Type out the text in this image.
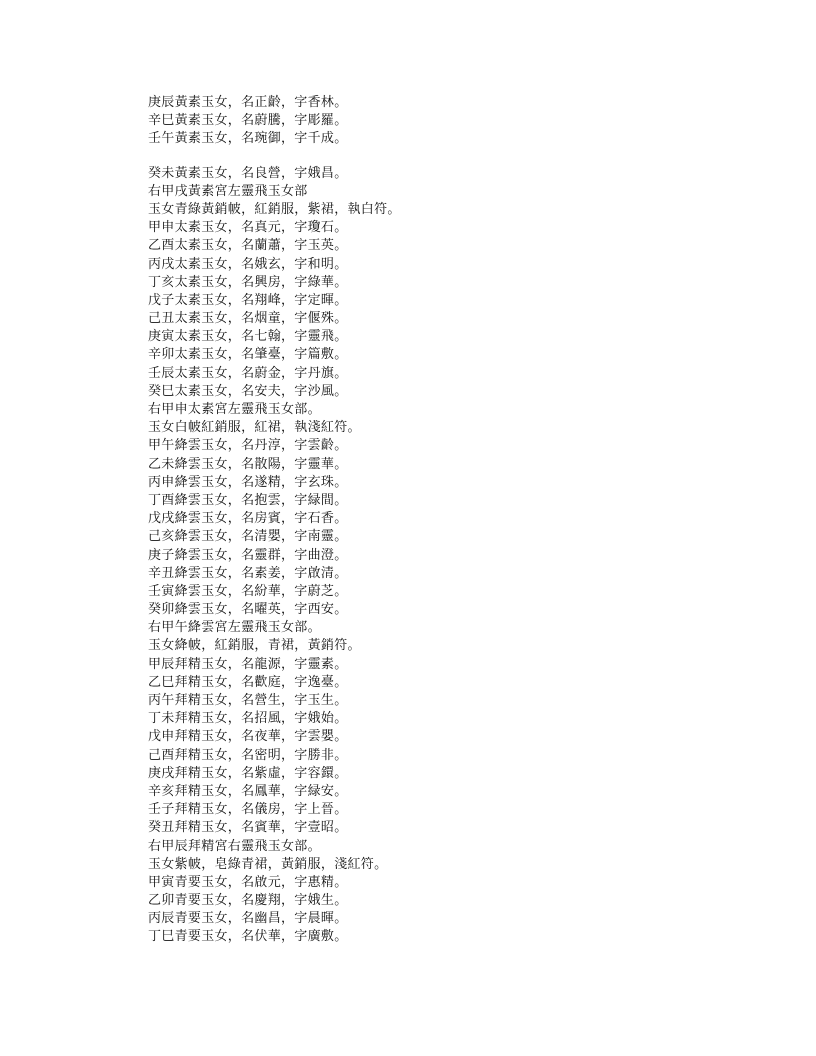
庚辰黃素玉女，名正齡，字香林。
辛巳黃素玉女，名蔚騰，字彫羅。
壬午黃素玉女，名琬御，字千成。
癸未黃素玉女，名良營，字娥昌。
右甲戌黃素宮左靈飛玉女部
玉女青綠黃銷帔，紅銷服，紫裙，執白符。
甲申太素玉女，名真元，字瓊石。
乙酉太素玉女，名蘭蕭，字玉英。
丙戌太素玉女，名娥玄，字和明。
丁亥太素玉女，名興房，字綠華。
戊子太素玉女，名翔峰，字定暉。
己丑太素玉女，名烟童，字偃殊。
庚寅太素玉女，名七翰，字靈飛。
辛卯太素玉女，名肇臺，字篇敷。
壬辰太素玉女，名蔚金，字丹旗。
癸巳太素玉女，名安夫，字沙風。
右甲申太素宮左靈飛玉女部。
玉女白帔紅銷服，紅裙，執淺紅符。
甲午絳雲玉女，名丹淳，字雲齡。
乙未絳雲玉女，名散陽，字靈華。
丙申絳雲玉女，名遂精，字玄珠。
丁酉絳雲玉女，名抱雲，字緑間。
戊戌絳雲玉女，名房賓，字石香。
己亥絳雲玉女，名清嬰，字南靈。
庚子絳雲玉女，名靈群，字曲澄。
辛丑絳雲玉女，名素姜，字啟清。
壬寅絳雲玉女，名紛華，字蔚芝。
癸卯絳雲玉女，名曜英，字西安。
右甲午絳雲宮左靈飛玉女部。
玉女絳帔，紅銷服，青裙，黃銷符。
甲辰拜精玉女，名龍源，字靈素。
乙巳拜精玉女，名歡庭，字逸臺。
丙午拜精玉女，名營生，字玉生。
丁未拜精玉女，名招風，字娥始。
戊申拜精玉女，名夜華，字雲嬰。
己酉拜精玉女，名密明，字勝非。
庚戌拜精玉女，名紫虛，字容鐶。
辛亥拜精玉女，名鳳華，字緑安。
壬子拜精玉女，名儀房，字上晉。
癸丑拜精玉女，名賓華，字壹昭。
右甲辰拜精宮右靈飛玉女部。
玉女紫帔，皂綠青裙，黃銷服，淺紅符。
甲寅青要玉女，名啟元，字惠精。
乙卯青要玉女，名慶翔，字娥生。
丙辰青要玉女，名幽昌，字晨暉。
丁巳青要玉女，名伏華，字廣敷。
